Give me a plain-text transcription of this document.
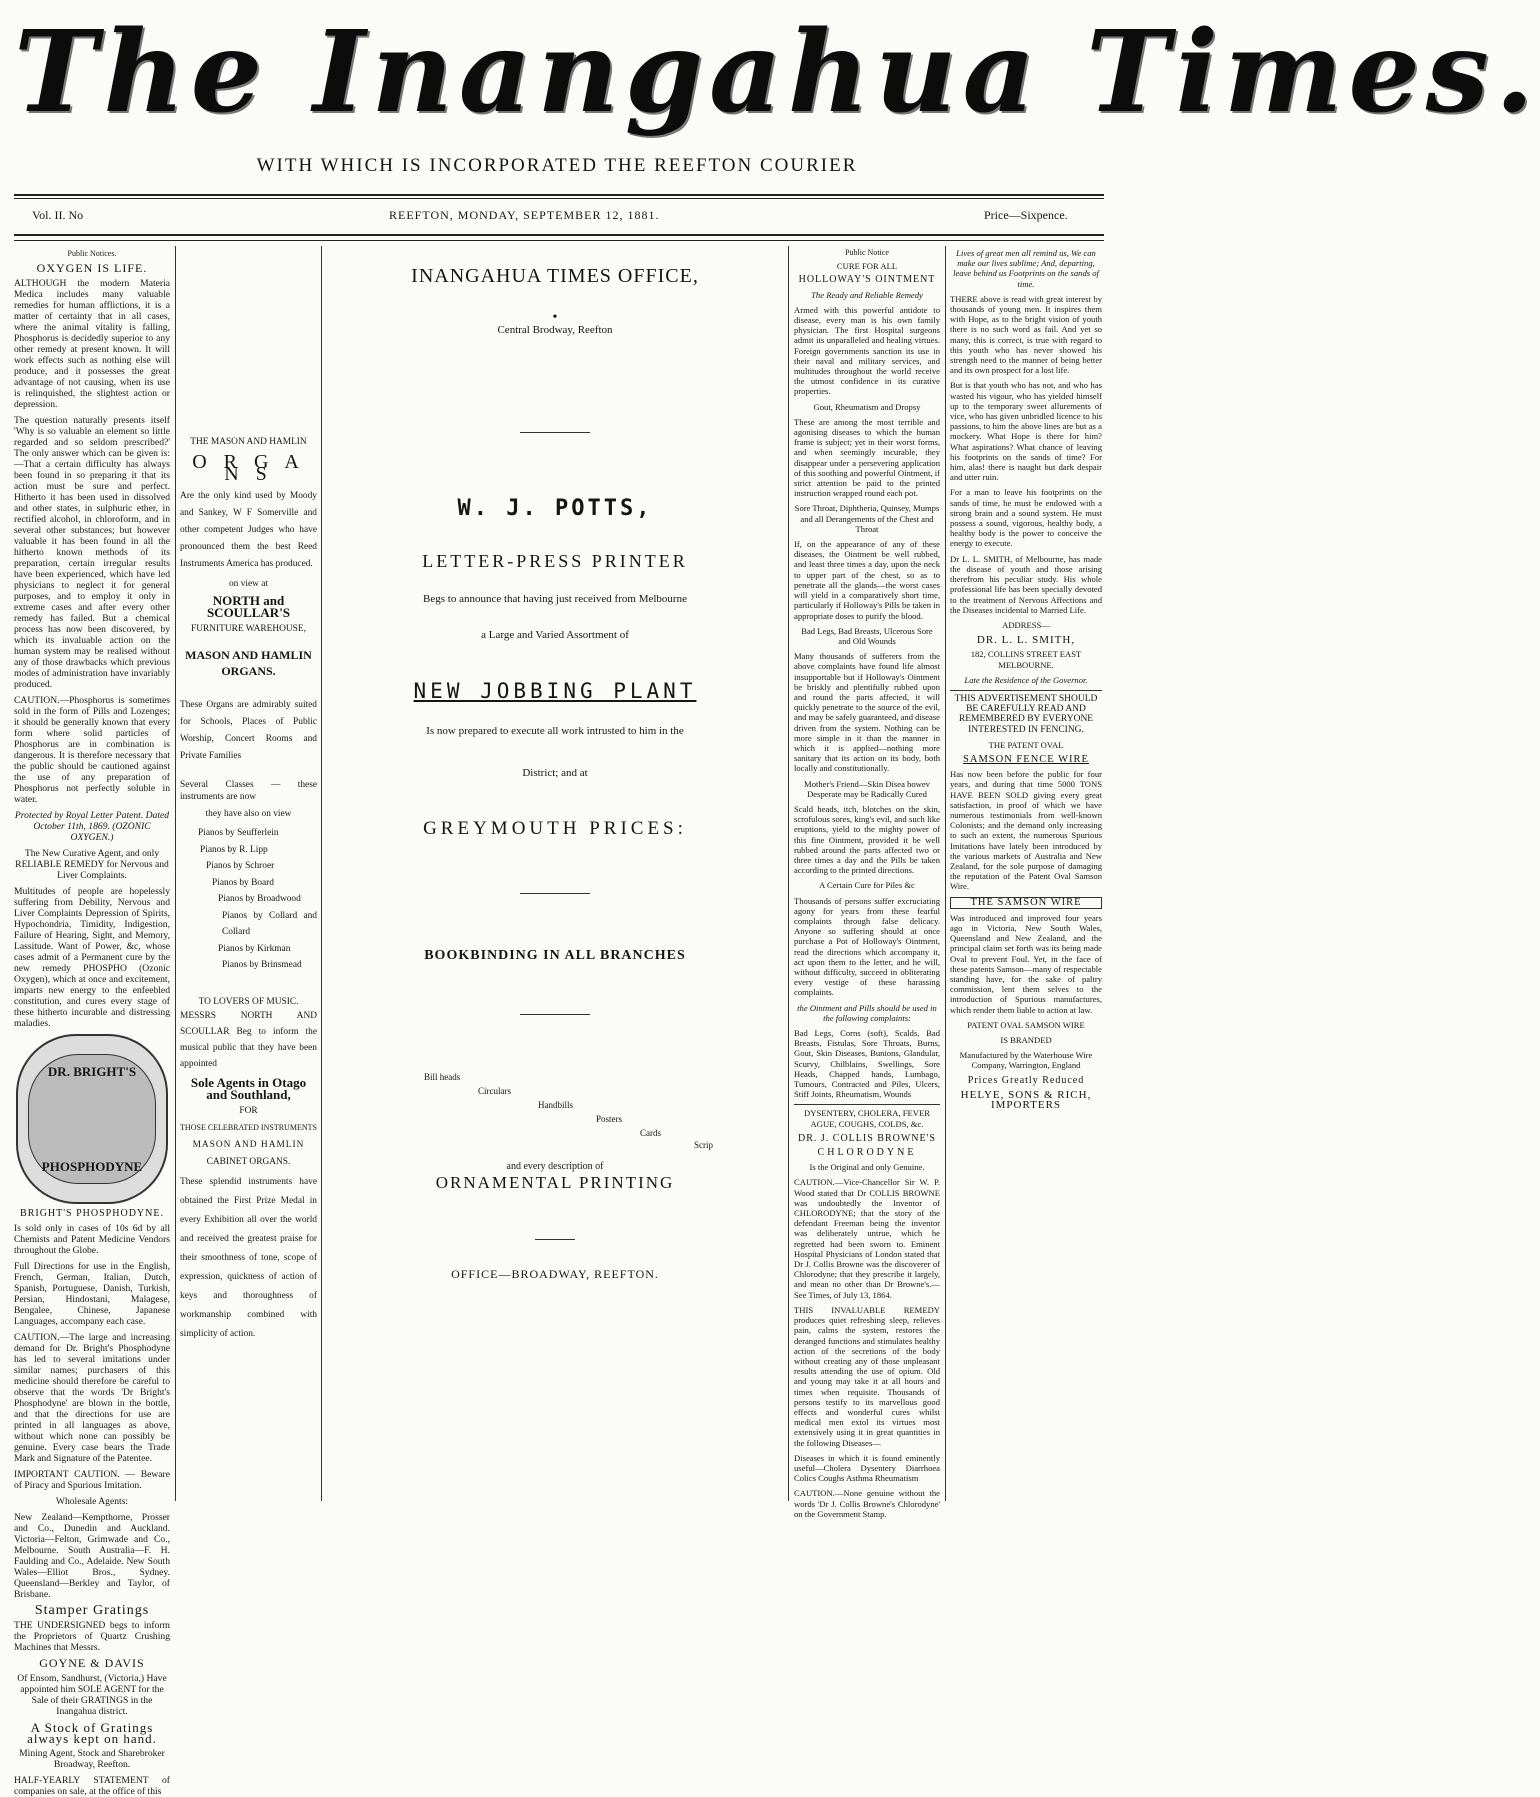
The Inangahua Times.
WITH WHICH IS INCORPORATED THE REEFTON COURIER
Vol. II. No	REEFTON, MONDAY, SEPTEMBER 12, 1881.	Price—Sixpence.
Public Notices.
OXYGEN IS LIFE.

ALTHOUGH the modern Materia Medica includes many valuable remedies for human afflictions, it is a matter of certainty that in all cases, where the animal vitality is falling, Phosphorus is decidedly superior to any other remedy at present known. It will work effects such as nothing else will produce, and it possesses the great advantage of not causing, when its use is relinquished, the slightest action or depression.

The question naturally presents itself 'Why is so valuable an element so little regarded and so seldom prescribed?' The only answer which can be given is:—That a certain difficulty has always been found in so preparing it that its action must be sure and perfect. Hitherto it has been used in dissolved and other states, in sulphuric ether, in rectified alcohol, in chloroform, and in several other substances; but however valuable it has been found in all the hitherto known methods of its preparation, certain irregular results have been experienced, which have led physicians to neglect it for general purposes, and to employ it only in extreme cases and after every other remedy has failed. But a chemical process has now been discovered, by which its invaluable action on the human system may be realised without any of those drawbacks which previous modes of administration have invariably produced.

CAUTION.—Phosphorus is sometimes sold in the form of Pills and Lozenges; it should be generally known that every form where solid particles of Phosphorus are in combination is dangerous. It is therefore necessary that the public should be cautioned against the use of any preparation of Phosphorus not perfectly soluble in water.

Protected by Royal Letter Patent. Dated October 11th, 1869. (OZONIC OXYGEN.)

The New Curative Agent, and only RELIABLE REMEDY for Nervous and Liver Complaints.

Multitudes of people are hopelessly suffering from Debility, Nervous and Liver Complaints Depression of Spirits, Hypochondria, Timidity, Indigestion, Failure of Hearing, Sight, and Memory, Lassitude. Want of Power, &c, whose cases admit of a Permanent cure by the new remedy PHOSPHO (Ozonic Oxygen), which at once and excitement, imparts new energy to the enfeebled constitution, and cures every stage of these hitherto incurable and distressing maladies.

DR. BRIGHT'S
PHOSPHODYNE
BRIGHT'S PHOSPHODYNE.

Is sold only in cases of 10s 6d by all Chemists and Patent Medicine Vendors throughout the Globe.

Full Directions for use in the English, French, German, Italian, Dutch, Spanish, Portuguese, Danish, Turkish, Persian, Hindostani, Malagese, Bengalee, Chinese, Japanese Languages, accompany each case.

CAUTION.—The large and increasing demand for Dr. Bright's Phosphodyne has led to several imitations under similar names; purchasers of this medicine should therefore be careful to observe that the words 'Dr Bright's Phosphodyne' are blown in the bottle, and that the directions for use are printed in all languages as above, without which none can possibly be genuine. Every case bears the Trade Mark and Signature of the Patentee.

IMPORTANT CAUTION. — Beware of Piracy and Spurious Imitation.

Wholesale Agents:

New Zealand—Kempthorne, Prosser and Co., Dunedin and Auckland. Victoria—Felton, Grimwade and Co., Melbourne. South Australia—F. H. Faulding and Co., Adelaide. New South Wales—Elliot Bros., Sydney. Queensland—Berkley and Taylor, of Brisbane.

Stamper Gratings

THE UNDERSIGNED begs to inform the Proprietors of Quartz Crushing Machines that Messrs.

GOYNE & DAVIS

Of Ensom, Sandhurst, (Victoria,) Have appointed him SOLE AGENT for the Sale of their GRATINGS in the Inangahua district.

A Stock of Gratings always kept on hand.

Mining Agent, Stock and Sharebroker Broadway, Reefton.

HALF-YEARLY STATEMENT of companies on sale, at the office of this

THE MASON AND HAMLIN
O R G A N S

Are the only kind used by Moody and Sankey, W F Somerville and other competent Judges who have pronounced them the best Reed Instruments America has produced.

on view at

NORTH and SCOULLAR'S

FURNITURE WAREHOUSE,

MASON AND HAMLIN
ORGANS.

These Organs are admirably suited for Schools, Places of Public Worship, Concert Rooms and Private Families

Several Classes — these instruments are now

they have also on view

Pianos by Seufferlein
Pianos by R. Lipp
Pianos by Schroer
Pianos by Board
Pianos by Broadwood
Pianos by Collard and Collard
Pianos by Kirkman
Pianos by Brinsmead
TO LOVERS OF MUSIC.

MESSRS NORTH AND SCOULLAR Beg to inform the musical public that they have been appointed

Sole Agents in Otago and Southland,

FOR

THOSE CELEBRATED INSTRUMENTS

MASON AND HAMLIN

CABINET ORGANS.

These splendid instruments have obtained the First Prize Medal in every Exhibition all over the world and received the greatest praise for their smoothness of tone, scope of expression, quickness of action of keys and thoroughness of workmanship combined with simplicity of action.

INANGAHUA TIMES OFFICE,
•
Central Brodway, Reefton
W. J. POTTS,
LETTER-PRESS PRINTER
Begs to announce that having just received from Melbourne
a Large and Varied Assortment of
NEW JOBBING PLANT
Is now prepared to execute all work intrusted to him in the
District; and at
GREYMOUTH PRICES:
BOOKBINDING IN ALL BRANCHES
Bill heads
Circulars
Handbills
Posters
Cards
Scrip
and every description of
ORNAMENTAL PRINTING
OFFICE—BROADWAY, REEFTON.
Public Notice
CURE FOR ALL
HOLLOWAY'S OINTMENT

The Ready and Reliable Remedy

Armed with this powerful antidote to disease, every man is his own family physician. The first Hospital surgeons admit its unparalleled and healing virtues. Foreign governments sanction its use in their naval and military services, and multitudes throughout the world receive the utmost confidence in its curative properties.

Gout, Rheumatism and Dropsy

These are among the most terrible and agonising diseases to which the human frame is subject; yet in their worst forms, and when seemingly incurable, they disappear under a persevering application of this soothing and powerful Ointment, if strict attention be paid to the printed instruction wrapped round each pot.

Sore Throat, Diphtheria, Quinsey, Mumps and all Derangements of the Chest and Throat

If, on the appearance of any of these diseases, the Ointment be well rubbed, and least three times a day, upon the neck to upper part of the chest, so as to penetrate all the glands—the worst cases will yield in a comparatively short time, particularly if Holloway's Pills be taken in appropriate doses to purify the blood.

Bad Legs, Bad Breasts, Ulcerous Sore and Old Wounds

Many thousands of sufferers from the above complaints have found life almost insupportable but if Holloway's Ointment be briskly and plentifully rubbed upon and round the parts affected, it will quickly penetrate to the source of the evil, and may be safely guaranteed, and disease driven from the system. Nothing can be more simple in it than the manner in which it is applied—nothing more sanitary that its action on its body, both locally and constitutionally.

Mother's Friend—Skin Disea howev Desperate may be Radically Cured

Scald heads, itch, blotches on the skin, scrofulous sores, king's evil, and such like eruptions, yield to the mighty power of this fine Ointment, provided it be well rubbed around the parts affected two or three times a day and the Pills be taken according to the printed directions.

A Certain Cure for Piles &c

Thousands of persons suffer excruciating agony for years from these fearful complaints through false delicacy. Anyone so suffering should at once purchase a Pot of Holloway's Ointment, read the directions which accompany it, act upon them to the letter, and he will, without difficulty, succeed in obliterating every vestige of these harassing complaints.

the Ointment and Pills should be used in the following complaints:

Bad Legs, Corns (soft), Scalds, Bad Breasts, Fistulas, Sore Throats, Burns, Gout, Skin Diseases, Bunions, Glandular, Scurvy, Chilblains, Swellings, Sore Heads, Chapped hands, Lumbago, Tumours, Contracted and Piles, Ulcers, Stiff Joints, Rheumatism, Wounds

DYSENTERY, CHOLERA, FEVER AGUE, COUGHS, COLDS, &c.

DR. J. COLLIS BROWNE'S
CHLORODYNE

Is the Original and only Genuine.

CAUTION.—Vice-Chancellor Sir W. P. Wood stated that Dr COLLIS BROWNE was undoubtedly the Inventor of CHLORODYNE; that the story of the defendant Freeman being the inventor was deliberately untrue, which he regretted had been sworn to. Eminent Hospital Physicians of London stated that Dr J. Collis Browne was the discoverer of Chlorodyne; that they prescribe it largely, and mean no other than Dr Browne's.—See Times, of July 13, 1864.

THIS INVALUABLE REMEDY produces quiet refreshing sleep, relieves pain, calms the system, restores the deranged functions and stimulates healthy action of the secretions of the body without creating any of those unpleasant results attending the use of opium. Old and young may take it at all hours and times when requisite. Thousands of persons testify to its marvellous good effects and wonderful cures whilst medical men extol its virtues most extensively using it in great quantities in the following Diseases—

Diseases in which it is found eminently useful—Cholera Dysentery Diarrhoea Colics Coughs Asthma Rheumatism

CAUTION.—None genuine without the words 'Dr J. Collis Browne's Chlorodyne' on the Government Stamp.

Lives of great men all remind us, We can make our lives sublime; And, departing, leave behind us Footprints on the sands of time.

THERE above is read with great interest by thousands of young men. It inspires them with Hope, as to the bright vision of youth there is no such word as fail. And yet so many, this is correct, is true with regard to this youth who has never showed his strength need to the manner of being better and its own prospect for a lost life.

But is that youth who has not, and who has wasted his vigour, who has yielded himself up to the temporary sweet allurements of vice, who has given unbridled licence to his passions, to him the above lines are but as a mockery. What Hope is there for him? What aspirations? What chance of leaving his footprints on the sands of time? For him, alas! there is naught but dark despair and utter ruin.

For a man to leave his footprints on the sands of time, he must be endowed with a strong brain and a sound system. He must possess a sound, vigorous, healthy body, a healthy body is the power to conceive the energy to execute.

Dr L. L. SMITH, of Melbourne, has made the disease of youth and those arising therefrom his peculiar study. His whole professional life has been specially devoted to the treatment of Nervous Affections and the Diseases incidental to Married Life.

ADDRESS—

DR. L. L. SMITH,

182, COLLINS STREET EAST MELBOURNE.

Late the Residence of the Governor.

THIS ADVERTISEMENT SHOULD BE CAREFULLY READ AND REMEMBERED BY EVERYONE INTERESTED IN FENCING.

THE PATENT OVAL

SAMSON FENCE WIRE

Has now been before the public for four years, and during that time 5000 TONS HAVE BEEN SOLD giving every great satisfaction, in proof of which we have numerous testimonials from well-known Colonists; and the demand only increasing to such an extent, the numerous Spurious Imitations have lately been introduced by the various markets of Australia and New Zealand, for the sole purpose of damaging the reputation of the Patent Oval Samson Wire.

THE SAMSON WIRE

Was introduced and improved four years ago in Victoria, New South Wales, Queensland and New Zealand, and the principal claim set forth was its being made Oval to prevent Foul. Yet, in the face of these patents Samson—many of respectable standing have, for the sake of paltry commission, lent them selves to the introduction of Spurious manufactures, which render them liable to action at law.

PATENT OVAL SAMSON WIRE

IS BRANDED

Manufactured by the Waterhouse Wire Company, Warrington, England

Prices Greatly Reduced
HELYE, SONS & RICH, IMPORTERS
